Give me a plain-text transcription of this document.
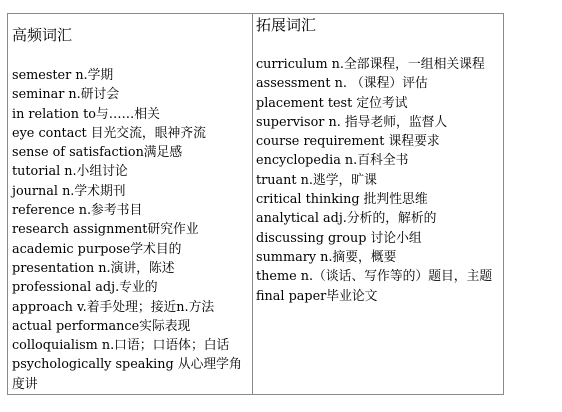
高频词汇
semester n.学期
seminar n.研讨会
in relation to与……相关
eye contact 目光交流，眼神齐流
sense of satisfaction满足感
tutorial n.小组讨论
journal n.学术期刊
reference n.参考书目
research assignment研究作业
academic purpose学术目的
presentation n.演讲，陈述
professional adj.专业的
approach v.着手处理；接近n.方法
actual performance实际表现
colloquialism n.口语；口语体；白话
psychologically speaking 从心理学角度讲
拓展词汇
curriculum n.全部课程，一组相关课程
assessment n. （课程）评估
placement test 定位考试
supervisor n. 指导老师，监督人
course requirement 课程要求
encyclopedia n.百科全书
truant n.逃学，旷课
critical thinking 批判性思维
analytical adj.分析的，解析的
discussing group 讨论小组
summary n.摘要，概要
theme n.（谈话、写作等的）题目，主题
final paper毕业论文
